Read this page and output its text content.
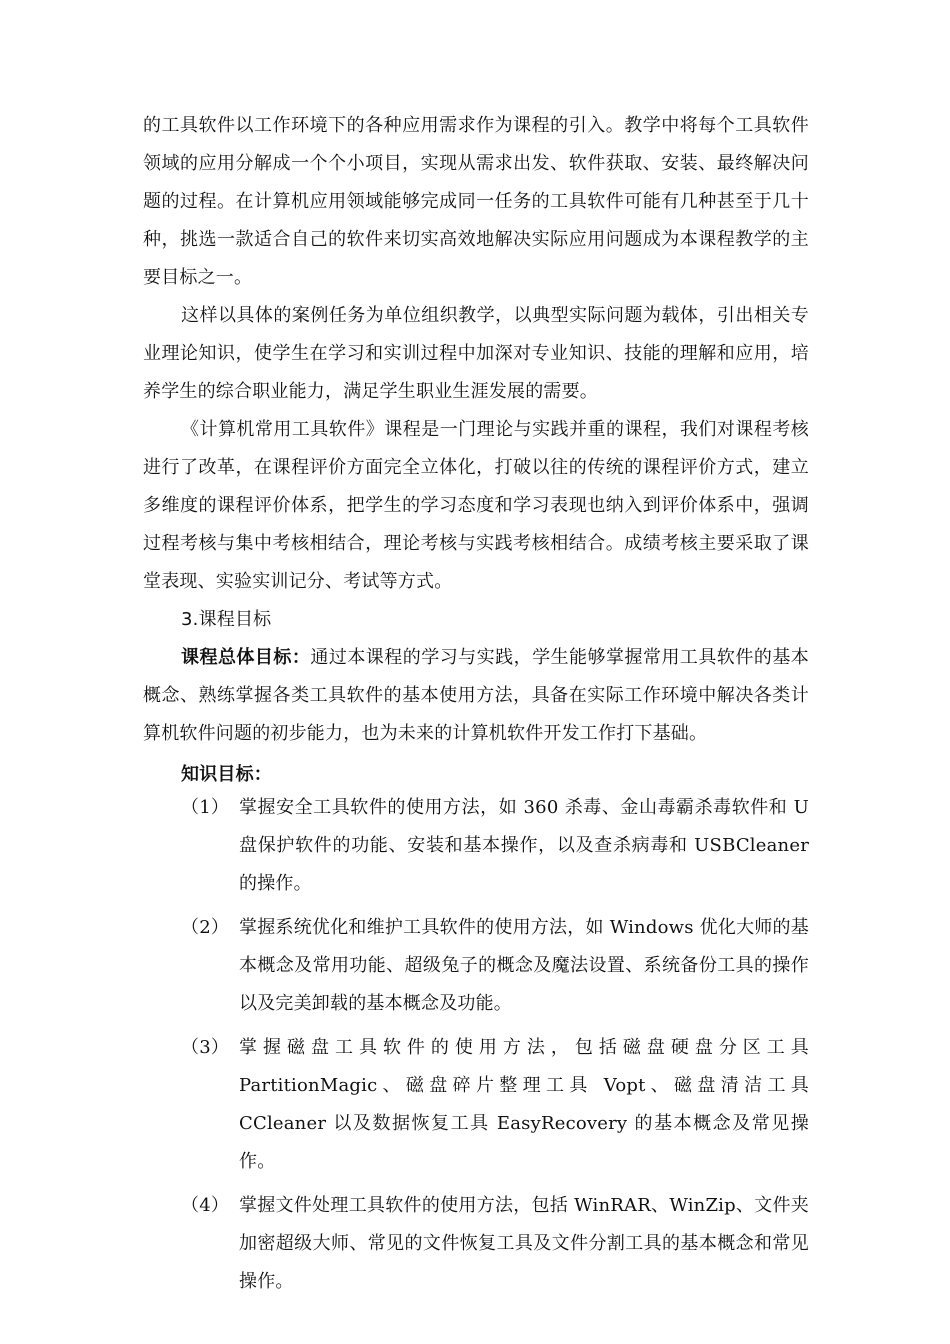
的工具软件以工作环境下的各种应用需求作为课程的引入。教学中将每个工具软件领域的应用分解成一个个小项目，实现从需求出发、软件获取、安装、最终解决问题的过程。在计算机应用领域能够完成同一任务的工具软件可能有几种甚至于几十种，挑选一款适合自己的软件来切实高效地解决实际应用问题成为本课程教学的主要目标之一。

这样以具体的案例任务为单位组织教学，以典型实际问题为载体，引出相关专业理论知识，使学生在学习和实训过程中加深对专业知识、技能的理解和应用，培养学生的综合职业能力，满足学生职业生涯发展的需要。

《计算机常用工具软件》课程是一门理论与实践并重的课程，我们对课程考核进行了改革，在课程评价方面完全立体化，打破以往的传统的课程评价方式，建立多维度的课程评价体系，把学生的学习态度和学习表现也纳入到评价体系中，强调过程考核与集中考核相结合，理论考核与实践考核相结合。成绩考核主要采取了课堂表现、实验实训记分、考试等方式。

3.课程目标

课程总体目标：通过本课程的学习与实践，学生能够掌握常用工具软件的基本概念、熟练掌握各类工具软件的基本使用方法，具备在实际工作环境中解决各类计算机软件问题的初步能力，也为未来的计算机软件开发工作打下基础。

知识目标：

（1） 掌握安全工具软件的使用方法，如 360 杀毒、金山毒霸杀毒软件和 U 盘保护软件的功能、安装和基本操作，以及查杀病毒和 USBCleaner 的操作。

（2） 掌握系统优化和维护工具软件的使用方法，如 Windows 优化大师的基本概念及常用功能、超级兔子的概念及魔法设置、系统备份工具的操作以及完美卸载的基本概念及功能。

（3） 掌握磁盘工具软件的使用方法，包括磁盘硬盘分区工具 PartitionMagic、磁盘碎片整理工具 Vopt、磁盘清洁工具 CCleaner 以及数据恢复工具 EasyRecovery 的基本概念及常见操作。

（4） 掌握文件处理工具软件的使用方法，包括 WinRAR、WinZip、文件夹加密超级大师、常见的文件恢复工具及文件分割工具的基本概念和常见操作。
